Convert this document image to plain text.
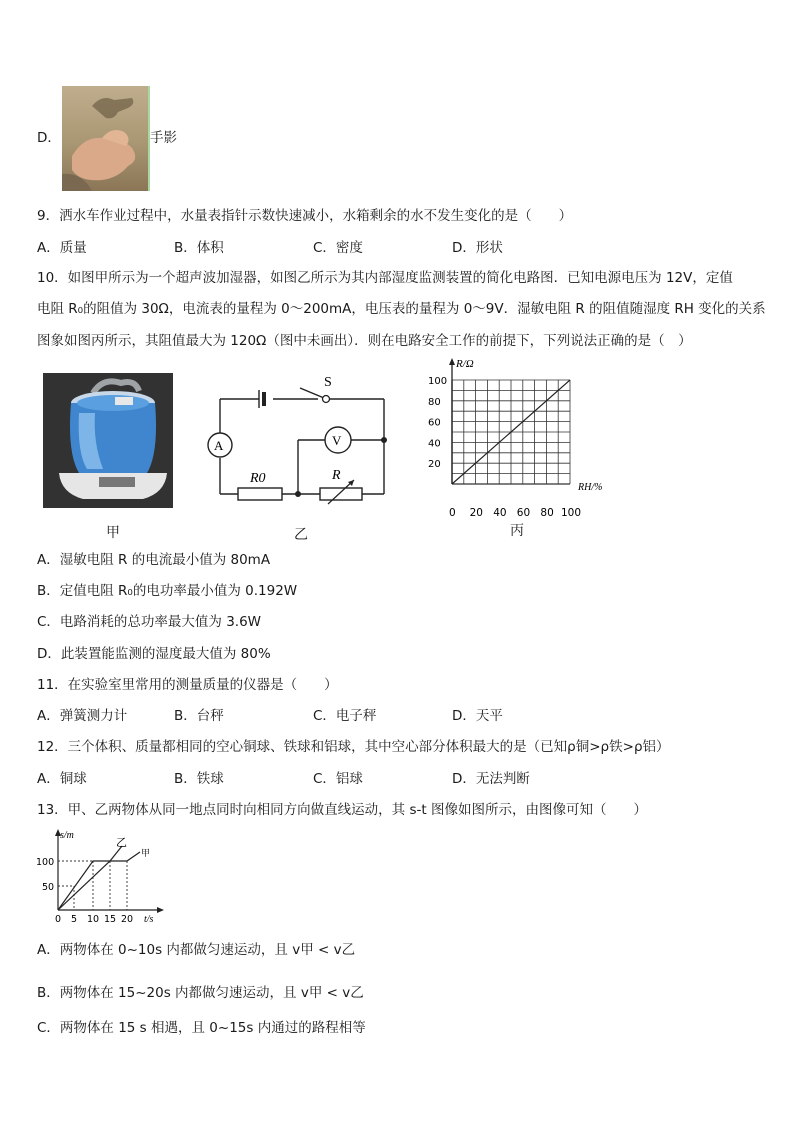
D．	手影
9．洒水车作业过程中，水量表指针示数快速减小，水箱剩余的水不发生变化的是（　　）
A．质量	B．体积	C．密度	D．形状
10．如图甲所示为一个超声波加湿器，如图乙所示为其内部湿度监测装置的简化电路图．已知电源电压为 12V，定值
电阻 R₀的阻值为 30Ω，电流表的量程为 0～200mA，电压表的量程为 0～9V．湿敏电阻 R 的阻值随湿度 RH 变化的关系
图象如图丙所示，其阻值最大为 120Ω（图中未画出）．则在电路安全工作的前提下，下列说法正确的是（　）
甲
S
A	V
R0	R
乙
R/Ω
RH/%
100
80
60
40
20
0 20 40 60 80 100
丙
A．湿敏电阻 R 的电流最小值为 80mA
B．定值电阻 R₀的电功率最小值为 0.192W
C．电路消耗的总功率最大值为 3.6W
D．此装置能监测的湿度最大值为 80%
11．在实验室里常用的测量质量的仪器是（　　）
A．弹簧测力计	B．台秤	C．电子秤	D．天平
12．三个体积、质量都相同的空心铜球、铁球和铝球，其中空心部分体积最大的是（已知ρ铜>ρ铁>ρ铝）
A．铜球	B．铁球	C．铝球	D．无法判断
13．甲、乙两物体从同一地点同时向相同方向做直线运动，其 s-t 图像如图所示，由图像可知（　　）
s/m
t/s
乙
甲
100
50
0 5 10 15 20
A．两物体在 0~10s 内都做匀速运动，且 v甲 < v乙
B．两物体在 15~20s 内都做匀速运动，且 v甲 < v乙
C．两物体在 15 s 相遇，且 0~15s 内通过的路程相等
